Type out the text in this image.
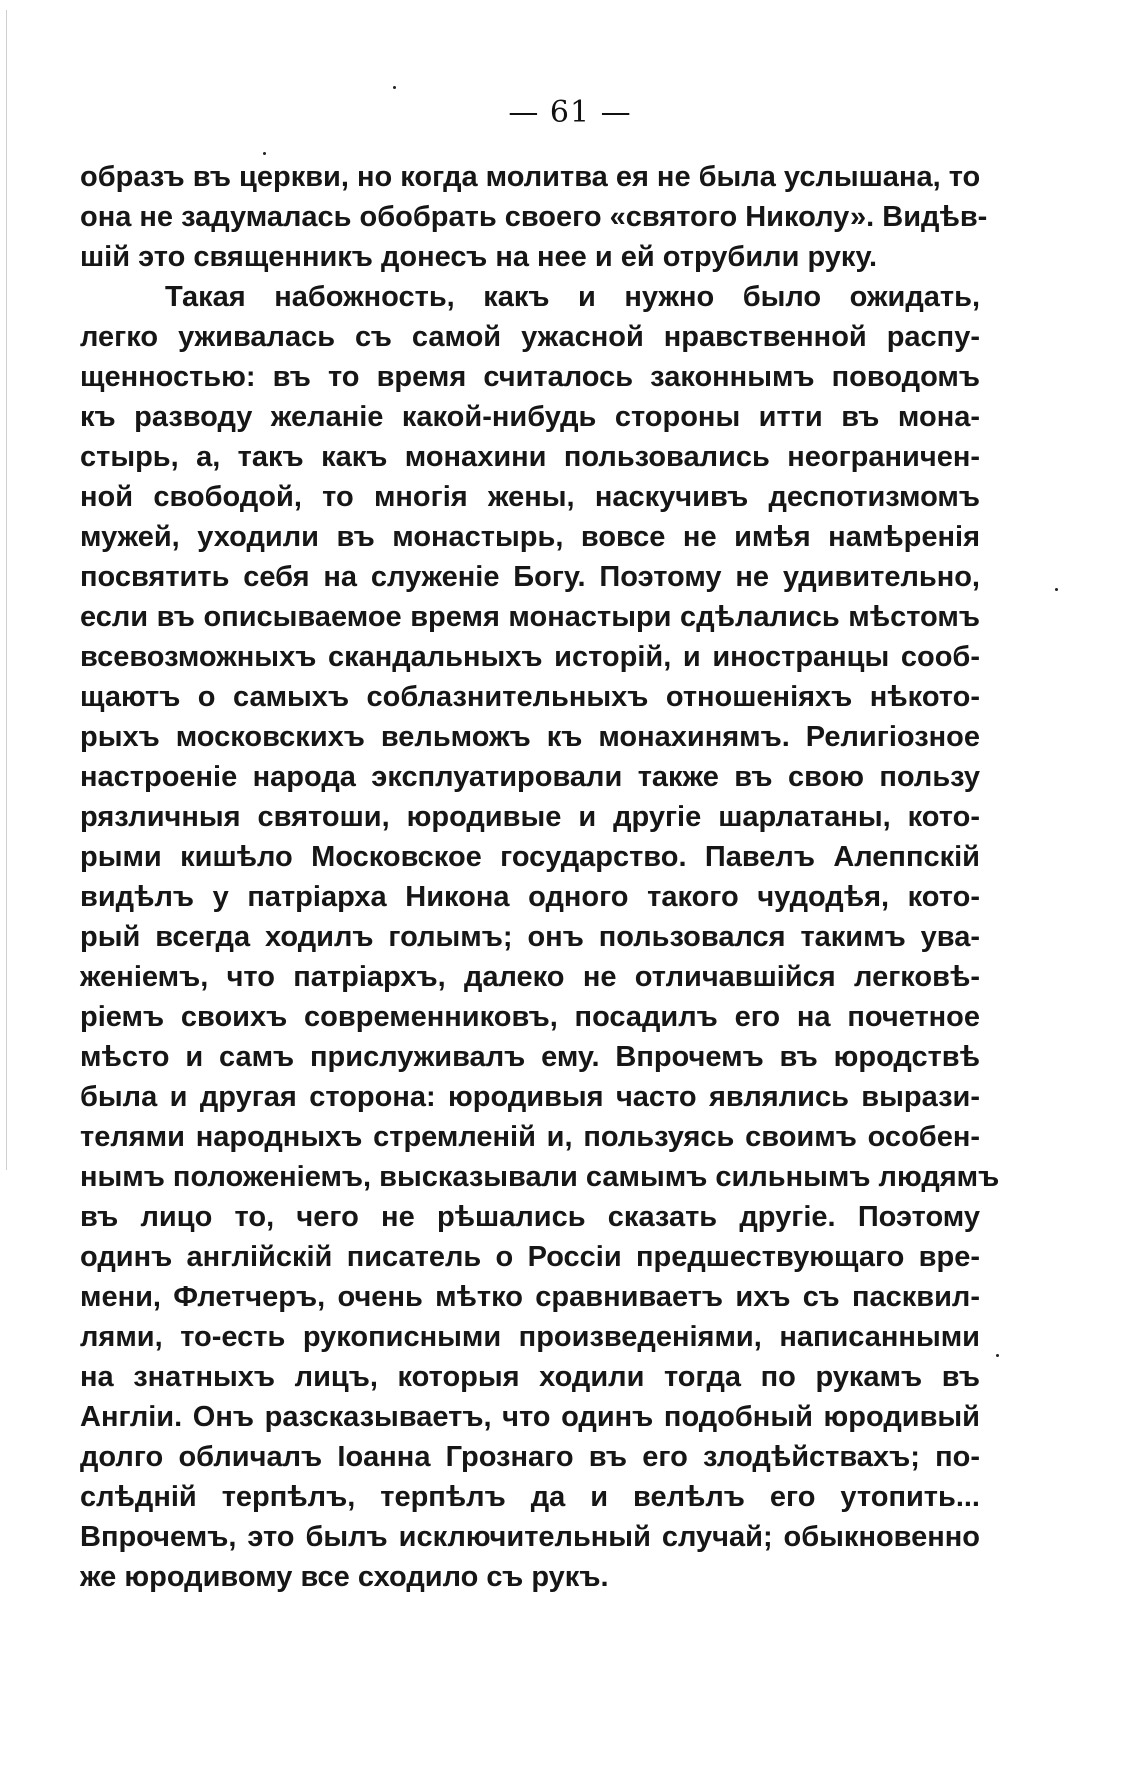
— 61 —
образъ въ церкви, но когда молитва ея не была услышана, то
она не задумалась обобрать своего «святого Николу». Видѣв-
шій это священникъ донесъ на нее и ей отрубили руку.
Такая набожность, какъ и нужно было ожидать,
легко уживалась съ самой ужасной нравственной распу-
щенностью: въ то время считалось законнымъ поводомъ
къ разводу желаніе какой-нибудь стороны итти въ мона-
стырь, а, такъ какъ монахини пользовались неограничен-
ной свободой, то многія жены, наскучивъ деспотизмомъ
мужей, уходили въ монастырь, вовсе не имѣя намѣренія
посвятить себя на служеніе Богу. Поэтому не удивительно,
если въ описываемое время монастыри сдѣлались мѣстомъ
всевозможныхъ скандальныхъ исторій, и иностранцы сооб-
щаютъ о самыхъ соблазнительныхъ отношеніяхъ нѣкото-
рыхъ московскихъ вельможъ къ монахинямъ. Религіозное
настроеніе народа эксплуатировали также въ свою пользу
рязличныя святоши, юродивые и другіе шарлатаны, кото-
рыми кишѣло Московское государство. Павелъ Алеппскій
видѣлъ у патріарха Никона одного такого чудодѣя, кото-
рый всегда ходилъ голымъ; онъ пользовался такимъ ува-
женіемъ, что патріархъ, далеко не отличавшійся легковѣ-
ріемъ своихъ современниковъ, посадилъ его на почетное
мѣсто и самъ прислуживалъ ему. Впрочемъ въ юродствѣ
была и другая сторона: юродивыя часто являлись вырази-
телями народныхъ стремленій и, пользуясь своимъ особен-
нымъ положеніемъ, высказывали самымъ сильнымъ людямъ
въ лицо то, чего не рѣшались сказать другіе. Поэтому
одинъ англійскій писатель о Россіи предшествующаго вре-
мени, Флетчеръ, очень мѣтко сравниваетъ ихъ съ пасквил-
лями, то-есть рукописными произведеніями, написанными
на знатныхъ лицъ, которыя ходили тогда по рукамъ въ
Англіи. Онъ разсказываетъ, что одинъ подобный юродивый
долго обличалъ Іоанна Грознаго въ его злодѣйствахъ; по-
слѣдній терпѣлъ, терпѣлъ да и велѣлъ его утопить...
Впрочемъ, это былъ исключительный случай; обыкновенно
же юродивому все сходило съ рукъ.
